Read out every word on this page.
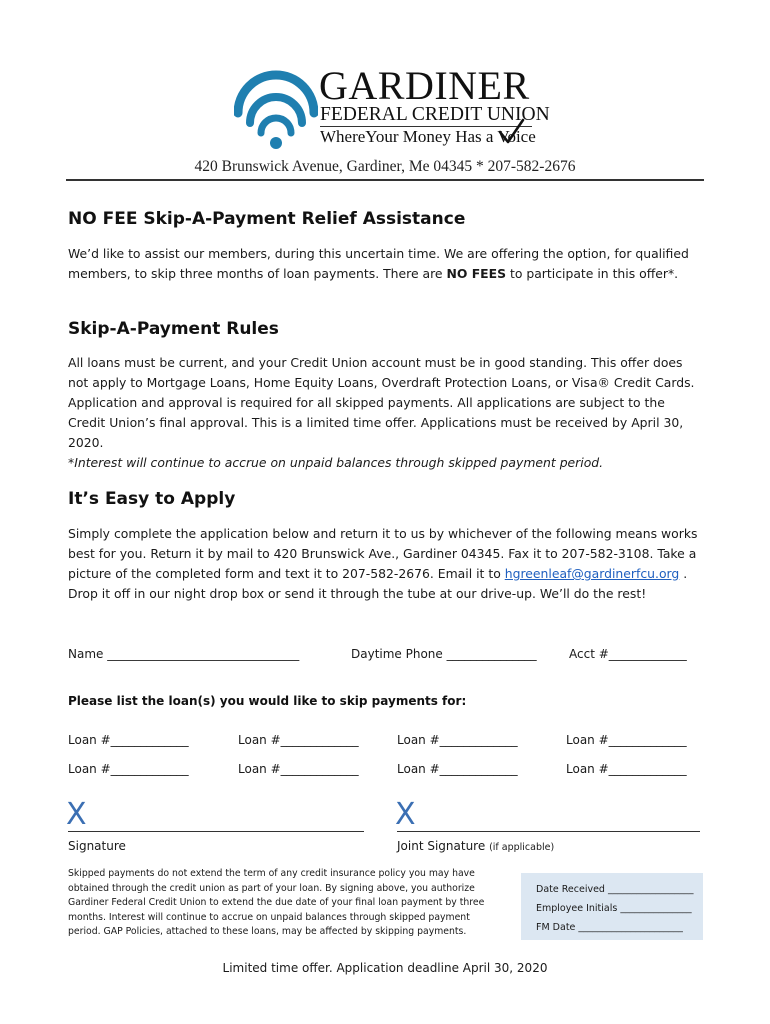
GARDINER
FEDERAL CREDIT UNION
WhereYour Money Has a Voice
420 Brunswick Avenue, Gardiner, Me 04345 * 207-582-2676
NO FEE Skip-A-Payment Relief Assistance
We’d like to assist our members, during this uncertain time. We are offering the option, for qualified members, to skip three months of loan payments. There are NO FEES to participate in this offer*.
Skip-A-Payment Rules
All loans must be current, and your Credit Union account must be in good standing. This offer does not apply to Mortgage Loans, Home Equity Loans, Overdraft Protection Loans, or Visa® Credit Cards. Application and approval is required for all skipped payments. All applications are subject to the Credit Union’s final approval. This is a limited time offer. Applications must be received by April 30, 2020.
*Interest will continue to accrue on unpaid balances through skipped payment period.
It’s Easy to Apply
Simply complete the application below and return it to us by whichever of the following means works best for you. Return it by mail to 420 Brunswick Ave., Gardiner 04345. Fax it to 207-582-3108. Take a picture of the completed form and text it to 207-582-2676. Email it to hgreenleaf@gardinerfcu.org . Drop it off in our night drop box or send it through the tube at our drive-up. We’ll do the rest!
Name ________________________________	Daytime Phone _______________	Acct #_____________
Please list the loan(s) you would like to skip payments for:
Loan #_____________	Loan #_____________	Loan #_____________	Loan #_____________
Loan #_____________	Loan #_____________	Loan #_____________	Loan #_____________
X
Signature
X
Joint Signature (if applicable)
Skipped payments do not extend the term of any credit insurance policy you may have obtained through the credit union as part of your loan. By signing above, you authorize Gardiner Federal Credit Union to extend the due date of your final loan payment by three months. Interest will continue to accrue on unpaid balances through skipped payment period. GAP Policies, attached to these loans, may be affected by skipping payments.
Date Received __________________
Employee Initials _______________
FM Date ______________________
Limited time offer. Application deadline April 30, 2020
